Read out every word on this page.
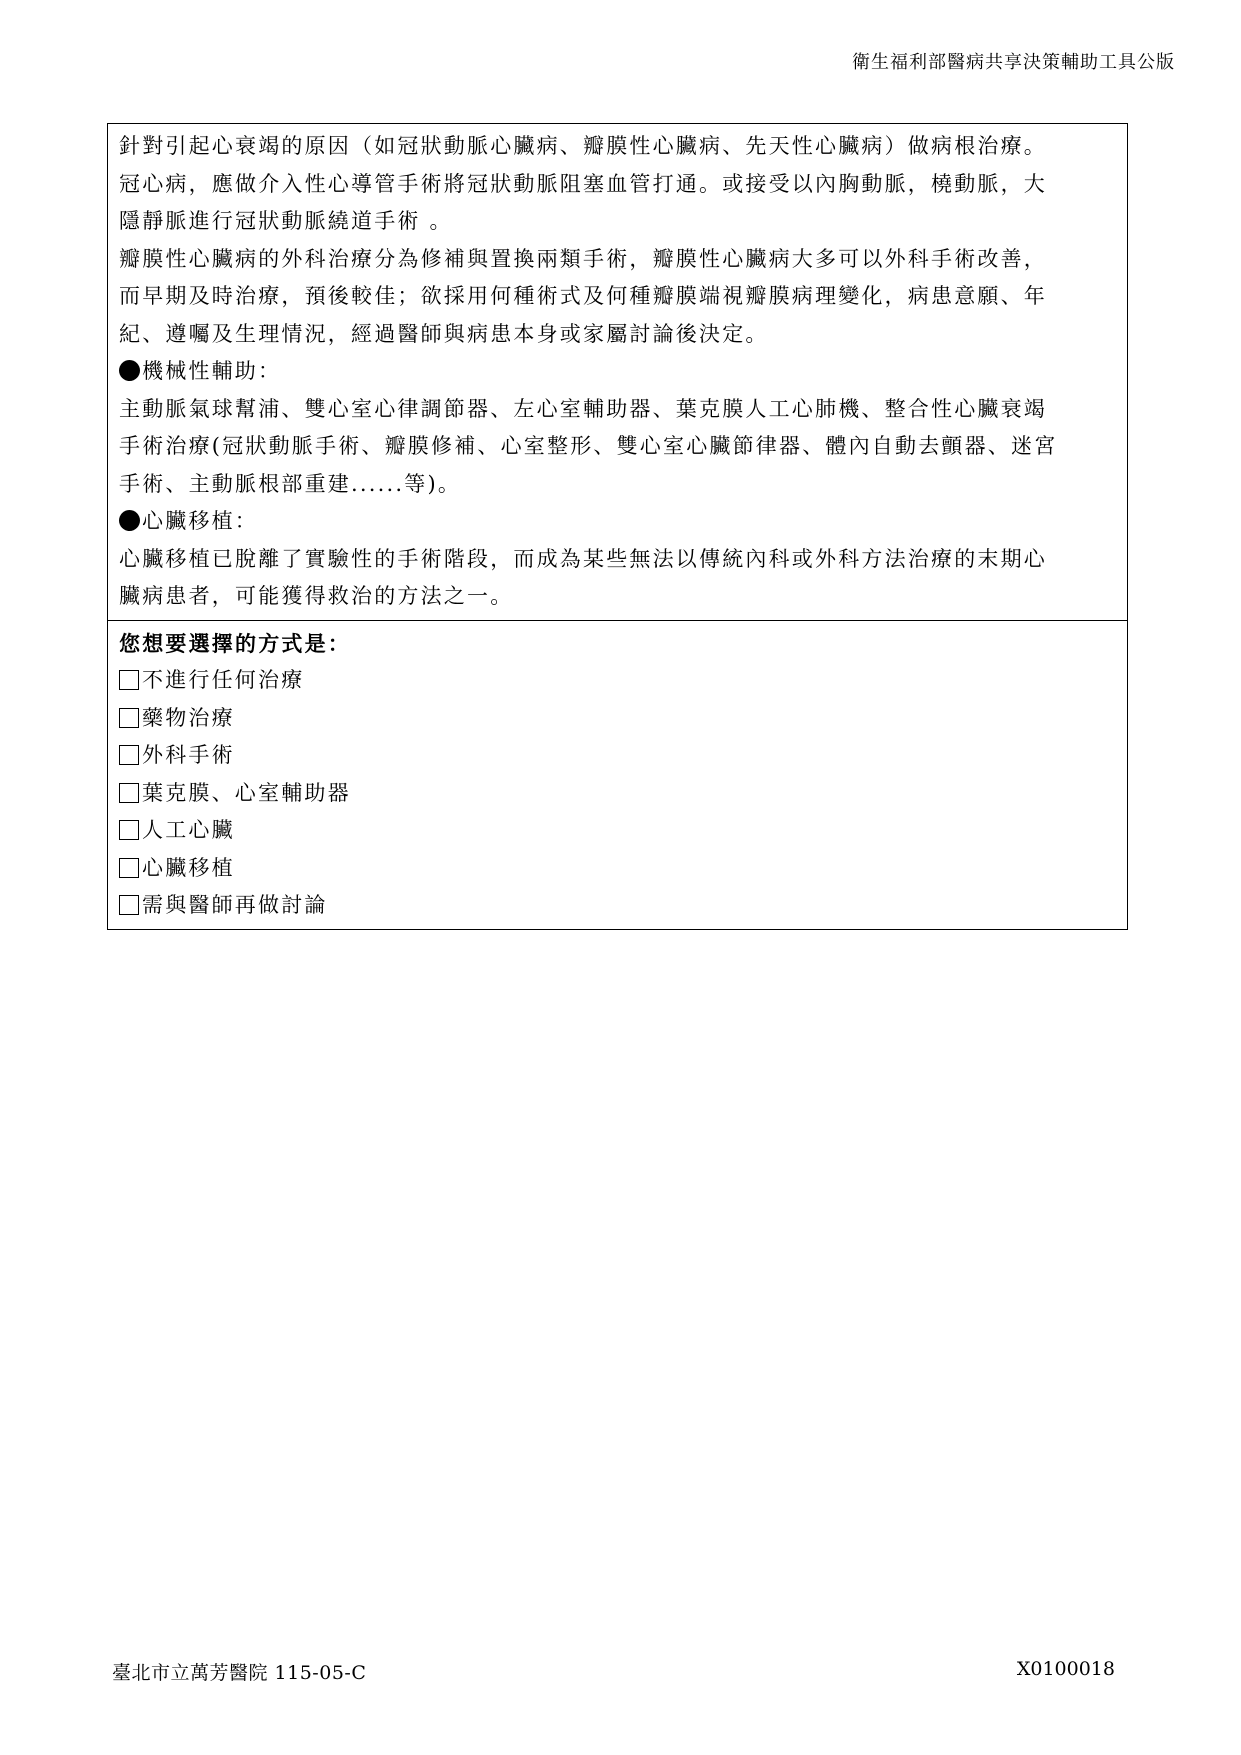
衛生福利部醫病共享決策輔助工具公版
針對引起心衰竭的原因（如冠狀動脈心臟病、瓣膜性心臟病、先天性心臟病）做病根治療。
冠心病，應做介入性心導管手術將冠狀動脈阻塞血管打通。或接受以內胸動脈，橈動脈，大
隱靜脈進行冠狀動脈繞道手術 。
瓣膜性心臟病的外科治療分為修補與置換兩類手術，瓣膜性心臟病大多可以外科手術改善，
而早期及時治療，預後較佳；欲採用何種術式及何種瓣膜端視瓣膜病理變化，病患意願、年
紀、遵囑及生理情況，經過醫師與病患本身或家屬討論後決定。
機械性輔助：
主動脈氣球幫浦、雙心室心律調節器、左心室輔助器、葉克膜人工心肺機、整合性心臟衰竭
手術治療(冠狀動脈手術、瓣膜修補、心室整形、雙心室心臟節律器、體內自動去顫器、迷宮
手術、主動脈根部重建......等)。
心臟移植：
心臟移植已脫離了實驗性的手術階段，而成為某些無法以傳統內科或外科方法治療的末期心
臟病患者，可能獲得救治的方法之一。
您想要選擇的方式是：
不進行任何治療
藥物治療
外科手術
葉克膜、心室輔助器
人工心臟
心臟移植
需與醫師再做討論
臺北市立萬芳醫院 115-05-C	X0100018
